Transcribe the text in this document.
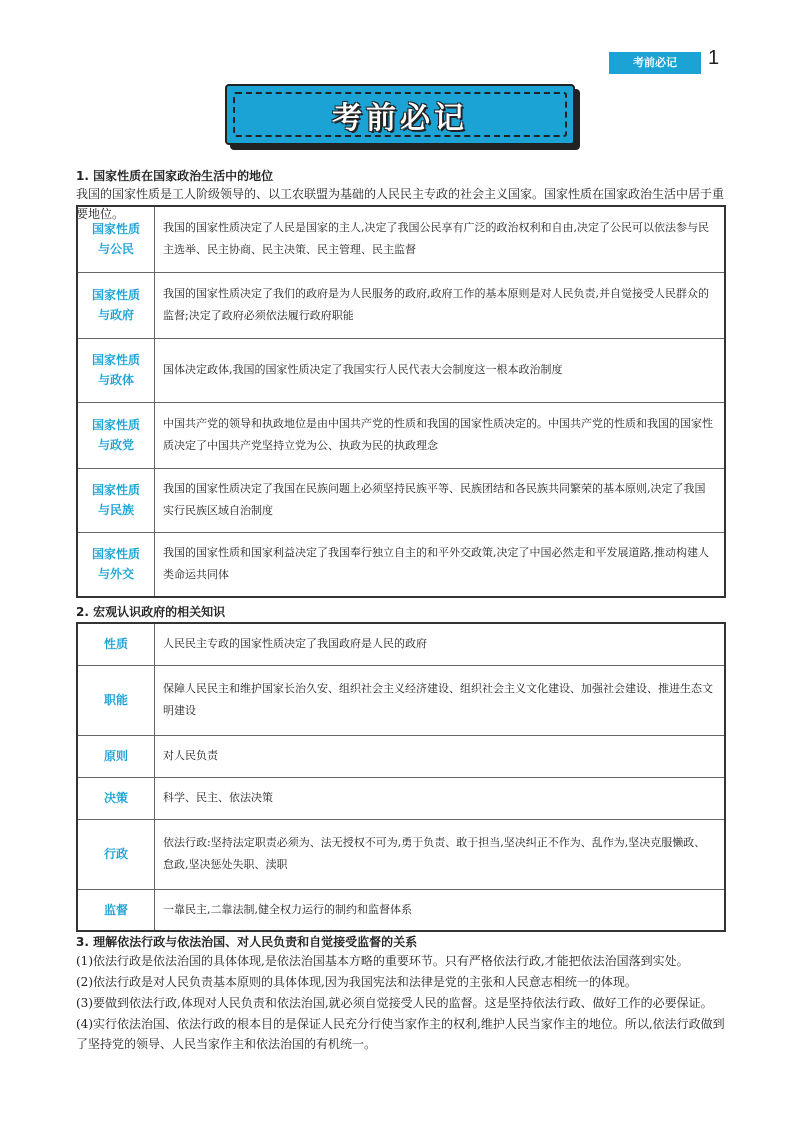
考前必记	1
考前必记
1. 国家性质在国家政治生活中的地位
我国的国家性质是工人阶级领导的、以工农联盟为基础的人民民主专政的社会主义国家。国家性质在国家政治生活中居于重要地位。
国家性质
与公民	我国的国家性质决定了人民是国家的主人,决定了我国公民享有广泛的政治权利和自由,决定了公民可以依法参与民主选举、民主协商、民主决策、民主管理、民主监督
国家性质
与政府	我国的国家性质决定了我们的政府是为人民服务的政府,政府工作的基本原则是对人民负责,并自觉接受人民群众的监督;决定了政府必须依法履行政府职能
国家性质
与政体	国体决定政体,我国的国家性质决定了我国实行人民代表大会制度这一根本政治制度
国家性质
与政党	中国共产党的领导和执政地位是由中国共产党的性质和我国的国家性质决定的。中国共产党的性质和我国的国家性质决定了中国共产党坚持立党为公、执政为民的执政理念
国家性质
与民族	我国的国家性质决定了我国在民族问题上必须坚持民族平等、民族团结和各民族共同繁荣的基本原则,决定了我国实行民族区域自治制度
国家性质
与外交	我国的国家性质和国家利益决定了我国奉行独立自主的和平外交政策,决定了中国必然走和平发展道路,推动构建人类命运共同体
2. 宏观认识政府的相关知识
性质	人民民主专政的国家性质决定了我国政府是人民的政府
职能	保障人民民主和维护国家长治久安、组织社会主义经济建设、组织社会主义文化建设、加强社会建设、推进生态文明建设
原则	对人民负责
决策	科学、民主、依法决策
行政	依法行政:坚持法定职责必须为、法无授权不可为,勇于负责、敢于担当,坚决纠正不作为、乱作为,坚决克服懒政、怠政,坚决惩处失职、渎职
监督	一靠民主,二靠法制,健全权力运行的制约和监督体系
3. 理解依法行政与依法治国、对人民负责和自觉接受监督的关系
(1)依法行政是依法治国的具体体现,是依法治国基本方略的重要环节。只有严格依法行政,才能把依法治国落到实处。
(2)依法行政是对人民负责基本原则的具体体现,因为我国宪法和法律是党的主张和人民意志相统一的体现。
(3)要做到依法行政,体现对人民负责和依法治国,就必须自觉接受人民的监督。这是坚持依法行政、做好工作的必要保证。
(4)实行依法治国、依法行政的根本目的是保证人民充分行使当家作主的权利,维护人民当家作主的地位。所以,依法行政做到了坚持党的领导、人民当家作主和依法治国的有机统一。
